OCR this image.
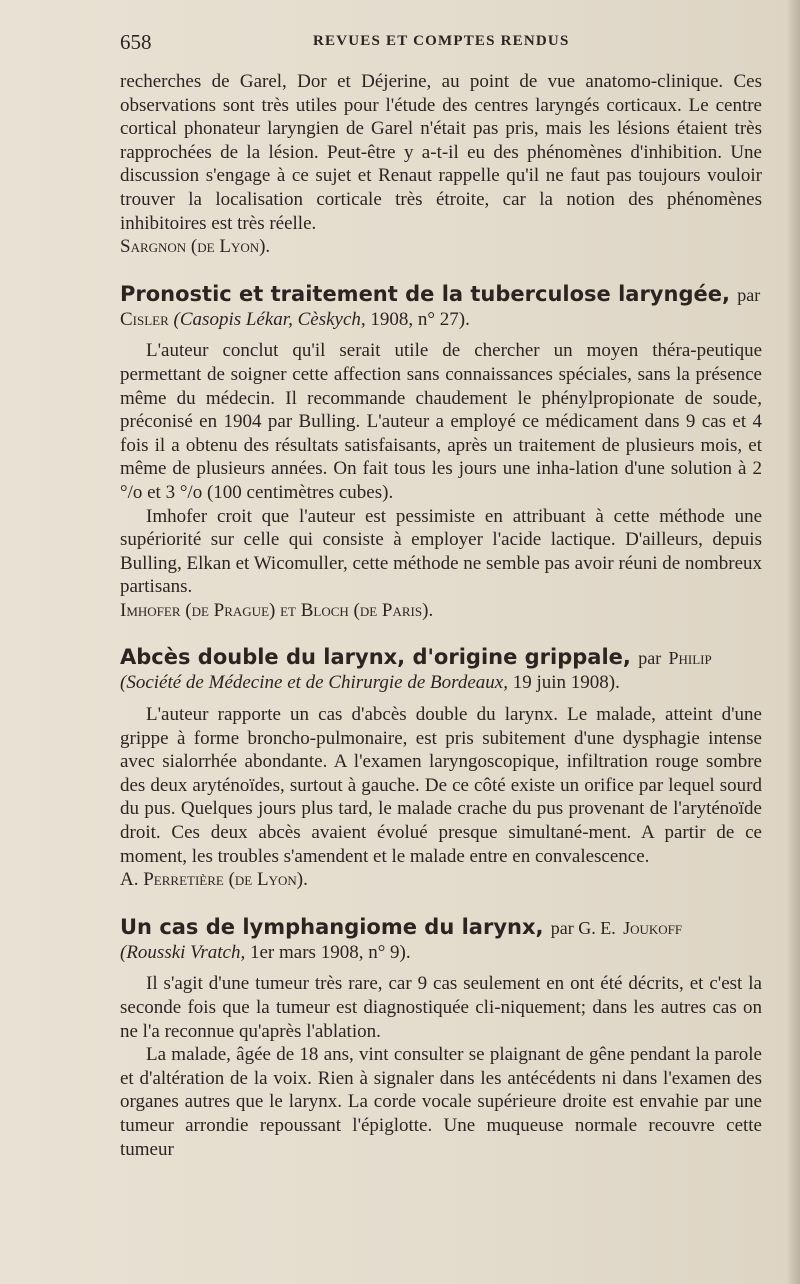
658	REVUES ET COMPTES RENDUS

recherches de Garel, Dor et Déjerine, au point de vue anatomo-clinique. Ces observations sont très utiles pour l'étude des centres laryngés corticaux. Le centre cortical phonateur laryngien de Garel n'était pas pris, mais les lésions étaient très rapprochées de la lésion. Peut-être y a-t-il eu des phénomènes d'inhibition. Une discussion s'engage à ce sujet et Renaut rappelle qu'il ne faut pas toujours vouloir trouver la localisation corticale très étroite, car la notion des phénomènes inhibitoires est très réelle.

Sargnon (de Lyon).

Pronostic et traitement de la tuberculose laryngée, par

Cisler (Casopis Lékar, Cèskych, 1908, n° 27).

L'auteur conclut qu'il serait utile de chercher un moyen théra-peutique permettant de soigner cette affection sans connaissances spéciales, sans la présence même du médecin. Il recommande chaudement le phénylpropionate de soude, préconisé en 1904 par Bulling. L'auteur a employé ce médicament dans 9 cas et 4 fois il a obtenu des résultats satisfaisants, après un traitement de plusieurs mois, et même de plusieurs années. On fait tous les jours une inha-lation d'une solution à 2 °/o et 3 °/o (100 centimètres cubes).

Imhofer croit que l'auteur est pessimiste en attribuant à cette méthode une supériorité sur celle qui consiste à employer l'acide lactique. D'ailleurs, depuis Bulling, Elkan et Wicomuller, cette méthode ne semble pas avoir réuni de nombreux partisans.

Imhofer (de Prague) et Bloch (de Paris).

Abcès double du larynx, d'origine grippale, par Philip

(Société de Médecine et de Chirurgie de Bordeaux, 19 juin 1908).

L'auteur rapporte un cas d'abcès double du larynx. Le malade, atteint d'une grippe à forme broncho-pulmonaire, est pris subitement d'une dysphagie intense avec sialorrhée abondante. A l'examen laryngoscopique, infiltration rouge sombre des deux aryténoïdes, surtout à gauche. De ce côté existe un orifice par lequel sourd du pus. Quelques jours plus tard, le malade crache du pus provenant de l'aryténoïde droit. Ces deux abcès avaient évolué presque simultané-ment. A partir de ce moment, les troubles s'amendent et le malade entre en convalescence.

A. Perretière (de Lyon).

Un cas de lymphangiome du larynx, par G. E. Joukoff

(Rousski Vratch, 1er mars 1908, n° 9).

Il s'agit d'une tumeur très rare, car 9 cas seulement en ont été décrits, et c'est la seconde fois que la tumeur est diagnostiquée cli-niquement; dans les autres cas on ne l'a reconnue qu'après l'ablation.

La malade, âgée de 18 ans, vint consulter se plaignant de gêne pendant la parole et d'altération de la voix. Rien à signaler dans les antécédents ni dans l'examen des organes autres que le larynx. La corde vocale supérieure droite est envahie par une tumeur arrondie repoussant l'épiglotte. Une muqueuse normale recouvre cette tumeur
